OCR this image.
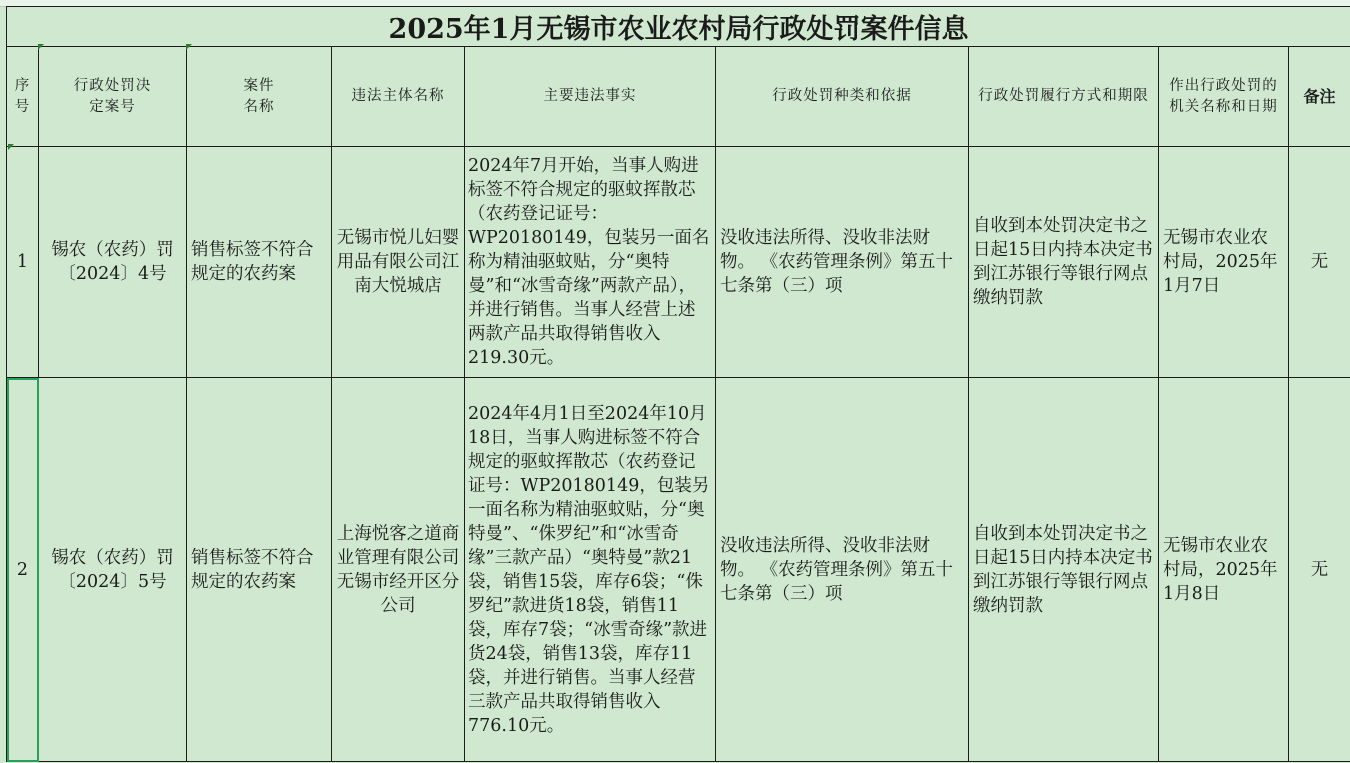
2025年1月无锡市农业农村局行政处罚案件信息								
序号	行政处罚决定案号	案件名称	违法主体名称	主要违法事实	行政处罚种类和依据	行政处罚履行方式和期限	作出行政处罚的机关名称和日期	备注
1	锡农（农药）罚〔2024〕4号	销售标签不符合规定的农药案	无锡市悦儿妇婴用品有限公司江南大悦城店	2024年7月开始，当事人购进标签不符合规定的驱蚊挥散芯（农药登记证号：WP20180149，包装另一面名称为精油驱蚊贴，分“奥特曼”和“冰雪奇缘”两款产品），并进行销售。当事人经营上述两款产品共取得销售收入219.30元。	没收违法所得、没收非法财物。 《农药管理条例》第五十七条第（三）项	自收到本处罚决定书之日起15日内持本决定书到江苏银行等银行网点缴纳罚款	无锡市农业农村局，2025年1月7日	无
2	锡农（农药）罚〔2024〕5号	销售标签不符合规定的农药案	上海悦客之道商业管理有限公司无锡市经开区分公司	2024年4月1日至2024年10月18日，当事人购进标签不符合规定的驱蚊挥散芯（农药登记证号：WP20180149，包装另一面名称为精油驱蚊贴，分“奥特曼”、“侏罗纪”和“冰雪奇缘”三款产品）“奥特曼”款21袋，销售15袋，库存6袋；“侏罗纪”款进货18袋，销售11袋，库存7袋；“冰雪奇缘”款进货24袋，销售13袋，库存11袋，并进行销售。当事人经营三款产品共取得销售收入776.10元。	没收违法所得、没收非法财物。 《农药管理条例》第五十七条第（三）项	自收到本处罚决定书之日起15日内持本决定书到江苏银行等银行网点缴纳罚款	无锡市农业农村局，2025年1月8日	无
